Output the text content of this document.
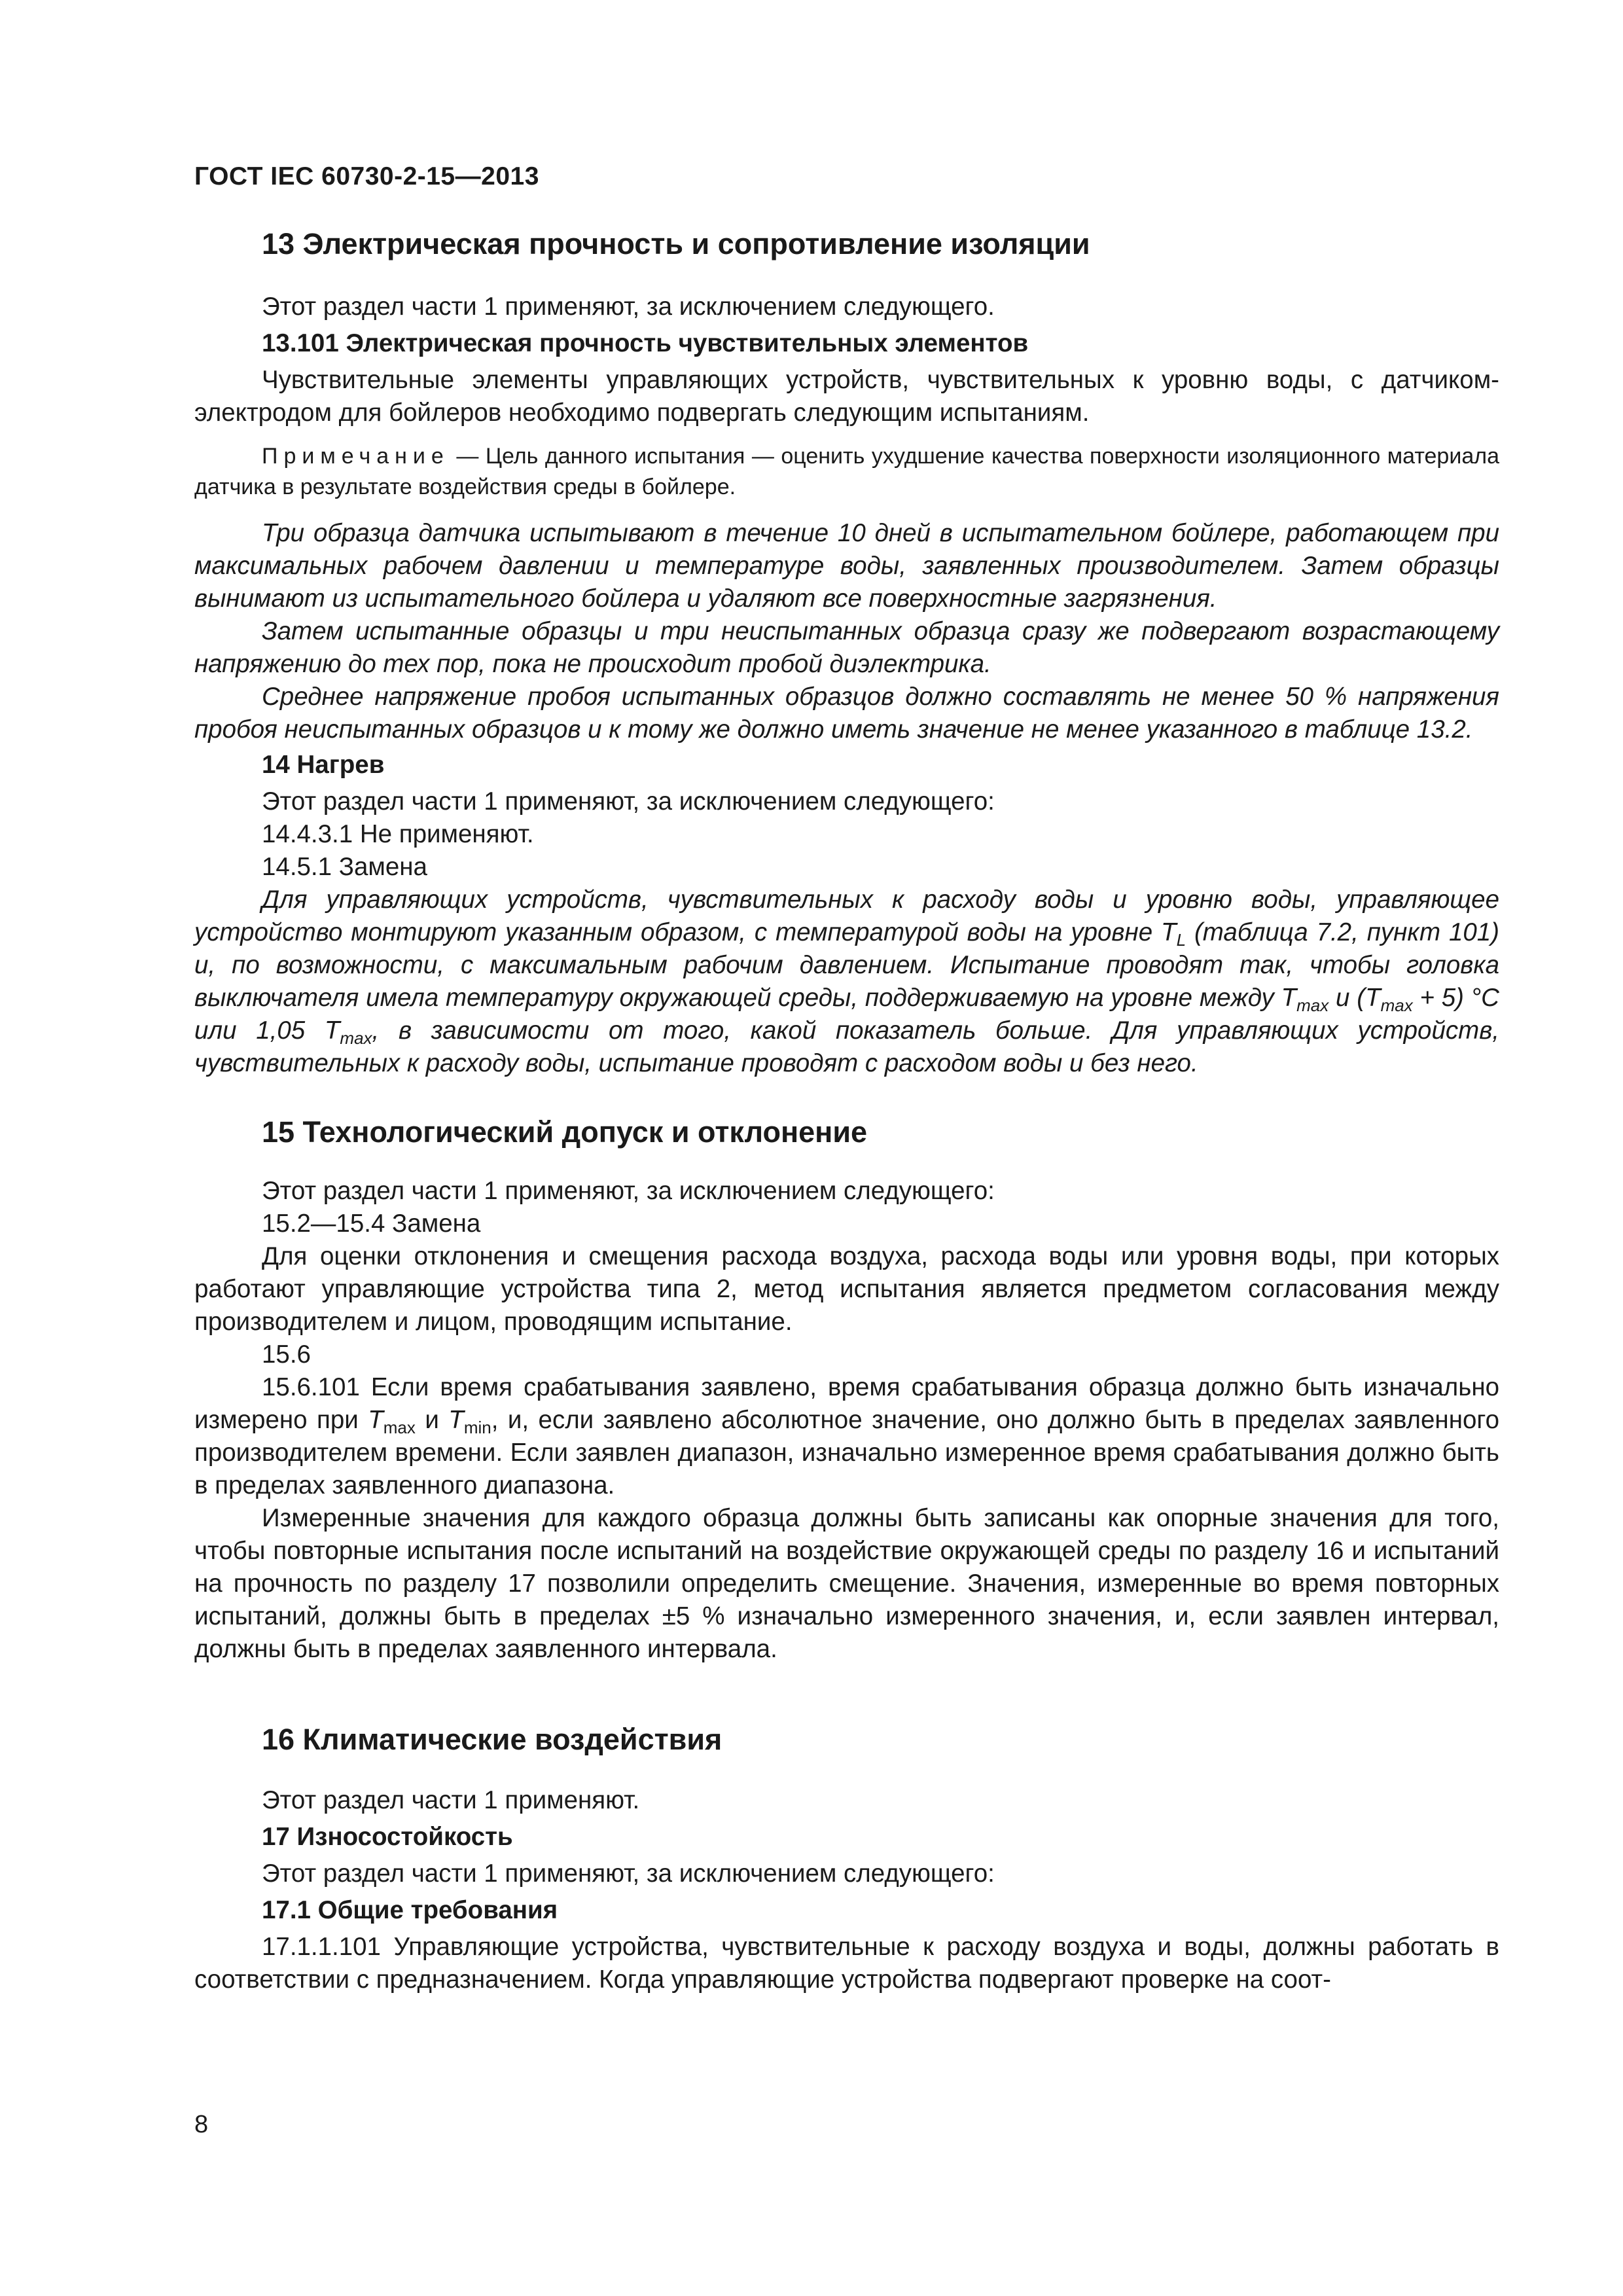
ГОСТ IEC 60730-2-15—2013

13 Электрическая прочность и сопротивление изоляции

Этот раздел части 1 применяют, за исключением следующего.

13.101 Электрическая прочность чувствительных элементов

Чувствительные элементы управляющих устройств, чувствительных к уровню воды, с датчиком-электродом для бойлеров необходимо подвергать следующим испытаниям.

Примечание — Цель данного испытания — оценить ухудшение качества поверхности изоляционного материала датчика в результате воздействия среды в бойлере.

Три образца датчика испытывают в течение 10 дней в испытательном бойлере, работающем при максимальных рабочем давлении и температуре воды, заявленных производителем. Затем образцы вынимают из испытательного бойлера и удаляют все поверхностные загрязнения.

Затем испытанные образцы и три неиспытанных образца сразу же подвергают возрастающему напряжению до тех пор, пока не происходит пробой диэлектрика.

Среднее напряжение пробоя испытанных образцов должно составлять не менее 50 % напряжения пробоя неиспытанных образцов и к тому же должно иметь значение не менее указанного в таблице 13.2.

14 Нагрев

Этот раздел части 1 применяют, за исключением следующего:

14.4.3.1 Не применяют.

14.5.1 Замена

Для управляющих устройств, чувствительных к расходу воды и уровню воды, управляющее устройство монтируют указанным образом, с температурой воды на уровне $T_L$ (таблица 7.2, пункт 101) и, по возможности, с максимальным рабочим давлением. Испытание проводят так, чтобы головка выключателя имела температуру окружающей среды, поддерживаемую на уровне между $T_{max}$ и $(T_{max} + 5)$ °С или 1,05 $T_{max}$, в зависимости от того, какой показатель больше. Для управляющих устройств, чувствительных к расходу воды, испытание проводят с расходом воды и без него.

15 Технологический допуск и отклонение

Этот раздел части 1 применяют, за исключением следующего:

15.2—15.4 Замена

Для оценки отклонения и смещения расхода воздуха, расхода воды или уровня воды, при которых работают управляющие устройства типа 2, метод испытания является предметом согласования между производителем и лицом, проводящим испытание.

15.6

15.6.101 Если время срабатывания заявлено, время срабатывания образца должно быть изначально измерено при $T_{max}$ и $T_{min}$, и, если заявлено абсолютное значение, оно должно быть в пределах заявленного производителем времени. Если заявлен диапазон, изначально измеренное время срабатывания должно быть в пределах заявленного диапазона.

Измеренные значения для каждого образца должны быть записаны как опорные значения для того, чтобы повторные испытания после испытаний на воздействие окружающей среды по разделу 16 и испытаний на прочность по разделу 17 позволили определить смещение. Значения, измеренные во время повторных испытаний, должны быть в пределах ±5 % изначально измеренного значения, и, если заявлен интервал, должны быть в пределах заявленного интервала.

16 Климатические воздействия

Этот раздел части 1 применяют.

17 Износостойкость

Этот раздел части 1 применяют, за исключением следующего:

17.1 Общие требования

17.1.1.101 Управляющие устройства, чувствительные к расходу воздуха и воды, должны работать в соответствии с предназначением. Когда управляющие устройства подвергают проверке на соот-

8
